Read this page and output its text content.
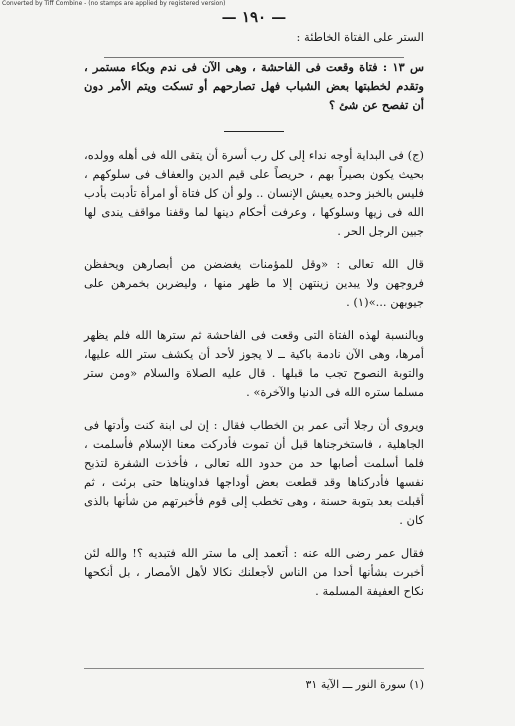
Converted by Tiff Combine - (no stamps are applied by registered version)
— ١٩٠ —
الستر على الفتاة الخاطئة :

س ١٣ : فتاة وقعت فى الفاحشة ، وهى الآن فى ندم وبكاء مستمر ، وتقدم لخطبتها بعض الشباب فهل تصارحهم أو تسكت ويتم الأمر دون أن تفصح عن شئ ؟

(ج) فى البداية أوجه نداء إلى كل رب أسرة أن يتقى الله فى أهله وولده، بحيث يكون بصيراً بهم ، حريصاً على قيم الدين والعفاف فى سلوكهم ، فليس بالخبز وحده يعيش الإنسان .. ولو أن كل فتاة أو امرأة تأدبت بأدب الله فى زيها وسلوكها ، وعرفت أحكام دينها لما وقفنا مواقف يندى لها جبين الرجل الحر .

قال الله تعالى : «وقل للمؤمنات يغضضن من أبصارهن ويحفظن فروجهن ولا يبدين زينتهن إلا ما ظهر منها ، وليضربن بخمرهن على جيوبهن ...»(١) .

وبالنسبة لهذه الفتاة التى وقعت فى الفاحشة ثم سترها الله فلم يظهر أمرها، وهى الآن نادمة باكية ــ لا يجوز لأحد أن يكشف ستر الله عليها، والتوبة النصوح تجب ما قبلها . قال عليه الصلاة والسلام «ومن ستر مسلما ستره الله فى الدنيا والآخرة» .

ويروى أن رجلا أتى عمر بن الخطاب فقال : إن لى ابنة كنت وأدتها فى الجاهلية ، فاستخرجناها قبل أن تموت فأدركت معنا الإسلام فأسلمت ، فلما أسلمت أصابها حد من حدود الله تعالى ، فأخذت الشفرة لتذبح نفسها فأدركناها وقد قطعت بعض أوداجها فداويناها حتى برئت ، ثم أقبلت بعد بتوبة حسنة ، وهى تخطب إلى قوم فأخبرتهم من شأنها بالذى كان .

فقال عمر رضى الله عنه : أتعمد إلى ما ستر الله فتبديه ؟! والله لئن أخبرت بشأنها أحدا من الناس لأجعلنك نكالا لأهل الأمصار ، بل أنكحها نكاح العفيفة المسلمة .

(١) سورة النور ـــ الآية ٣١
